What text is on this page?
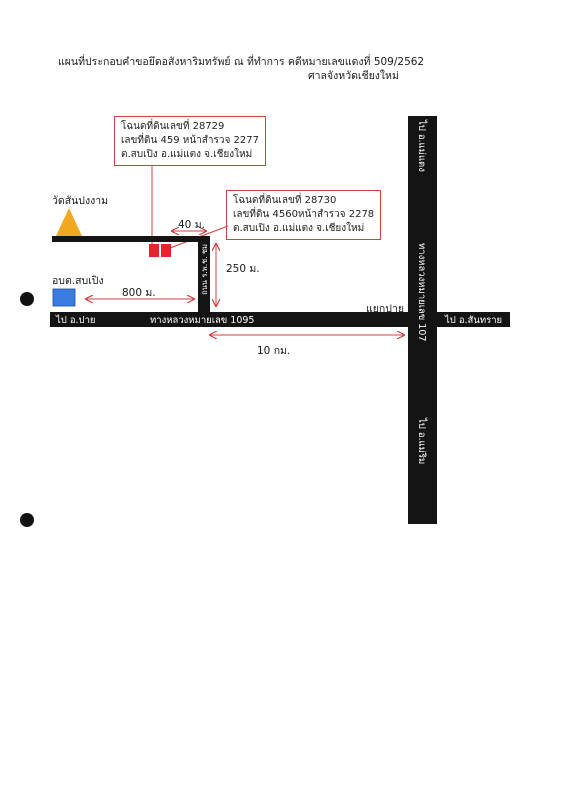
แผนที่ประกอบคำขอยึดอสังหาริมทรัพย์ ณ ที่ทำการ คดีหมายเลขแดงที่ 509/2562
ศาลจังหวัดเชียงใหม่
โฉนดที่ดินเลขที่ 28729
เลขที่ดิน 459 หน้าสำรวจ 2277
ต.สบเปิง อ.แม่แตง จ.เชียงใหม่
โฉนดที่ดินเลขที่ 28730
เลขที่ดิน 4560หน้าสำรวจ 2278
ต.สบเปิง อ.แม่แตง จ.เชียงใหม่
วัดสันปงงาม
อบต.สบเปิง
แยกปาย
40 ม.
250 ม.
800 ม.
10 กม.
ไป อ.ปาย	ทางหลวงหมายเลข 1095	ไป อ.สันทราย
ไป อ.แม่แตง
ทางหลวงหมายเลข 107
ไป อ.แม่ริม
ถนน ร.พ.ช. ชม
